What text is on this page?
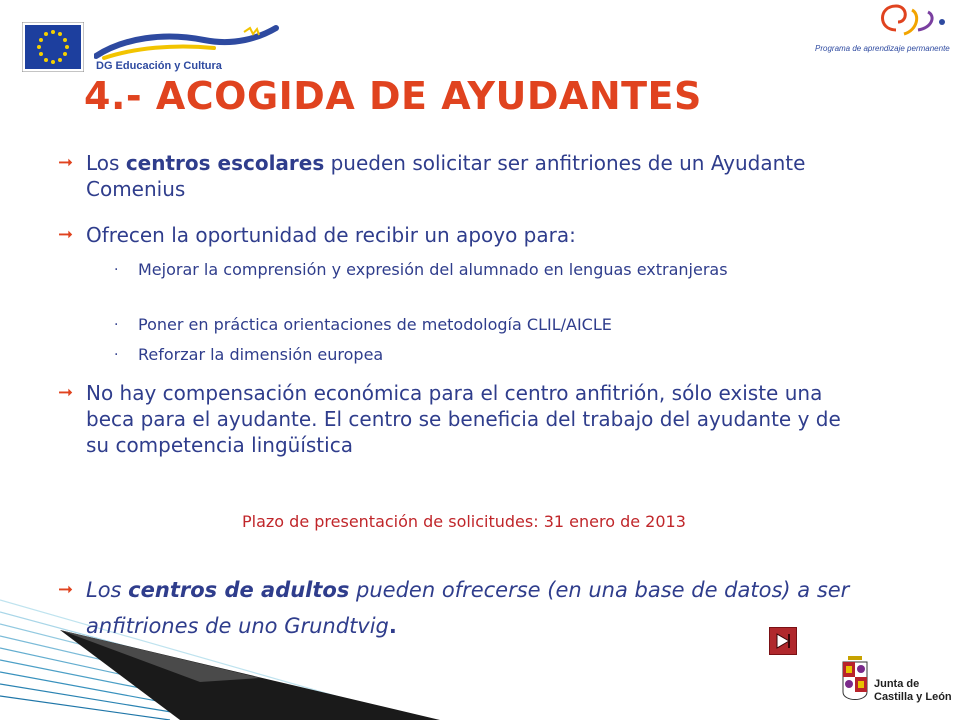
DG Educación y Cultura
Programa de aprendizaje permanente
4.- ACOGIDA DE AYUDANTES
➞ Los centros escolares pueden solicitar ser anfitriones de un Ayudante Comenius
➞ Ofrecen la oportunidad de recibir un apoyo para:
· Mejorar la comprensión y expresión del alumnado en lenguas extranjeras
· Poner en práctica orientaciones de metodología CLIL/AICLE
· Reforzar la dimensión europea
➞ No hay compensación económica para el centro anfitrión, sólo existe una beca para el ayudante. El centro se beneficia del trabajo del ayudante y de su competencia lingüística
Plazo de presentación de solicitudes: 31 enero de 2013
➞ Los centros de adultos pueden ofrecerse (en una base de datos) a ser anfitriones de uno Grundtvig.
Junta de
Castilla y León
